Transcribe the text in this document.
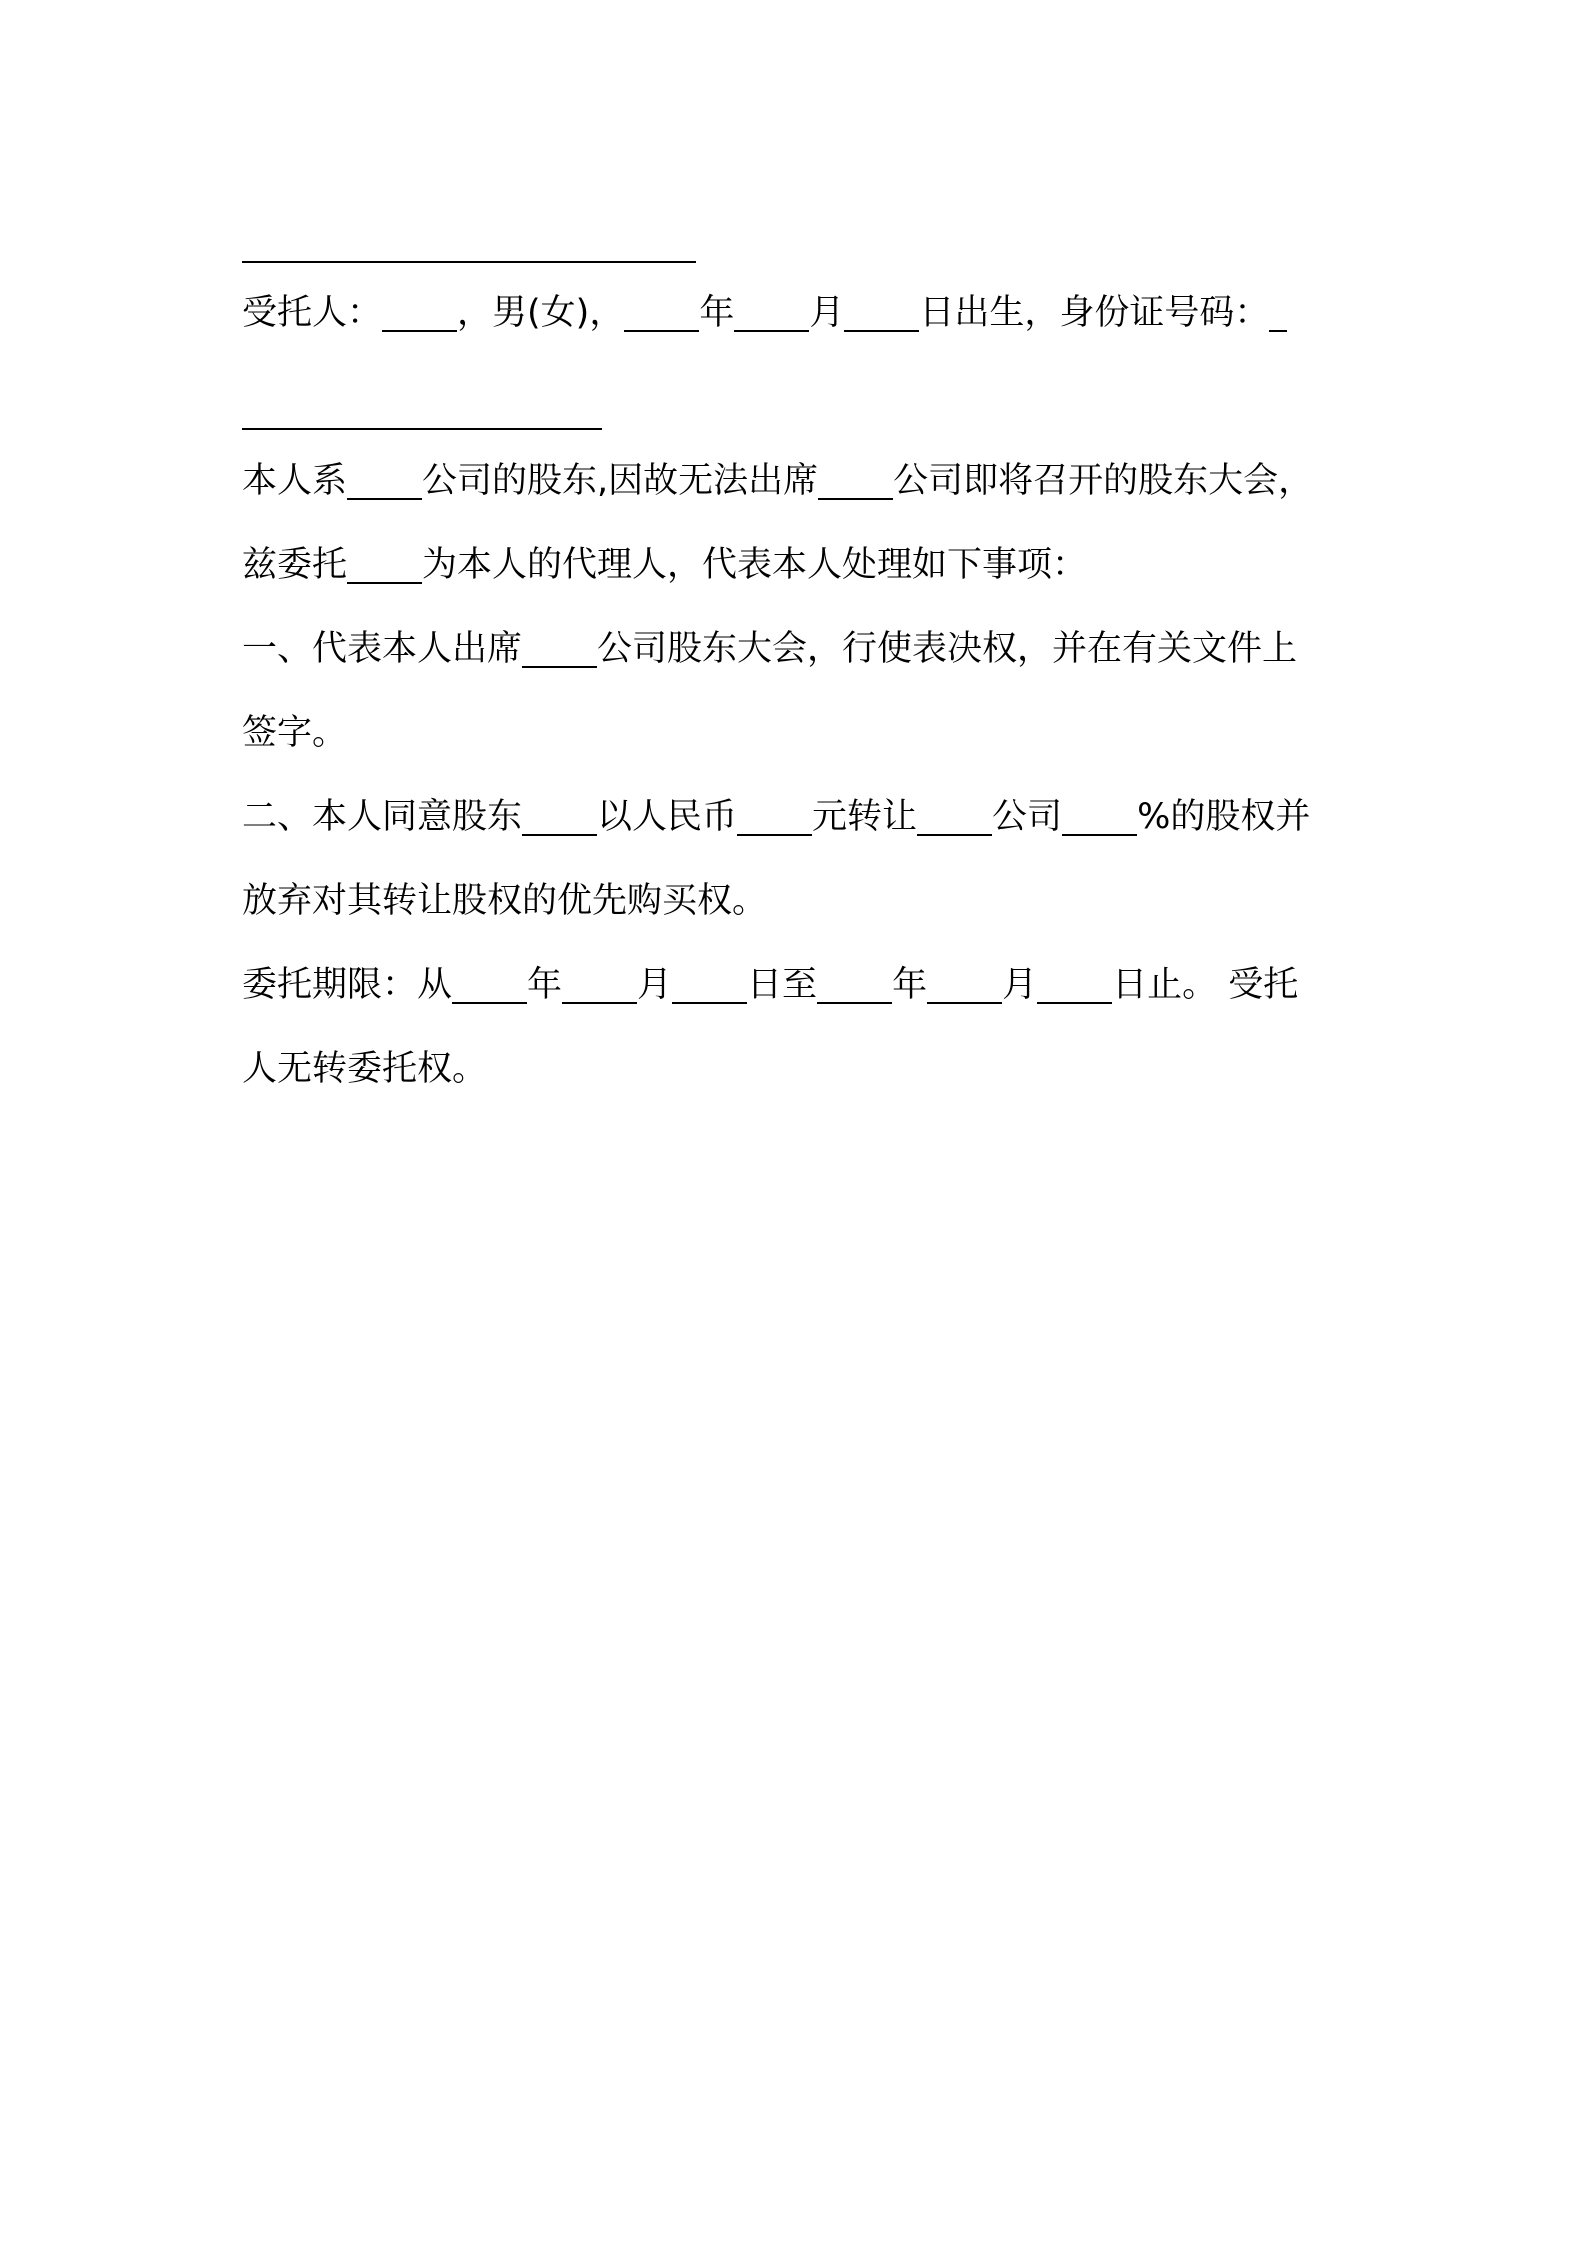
受托人： ，男(女)， 年 月 日出生，身份证号码：
本人系 公司的股东,因故无法出席 公司即将召开的股东大会，
兹委托 为本人的代理人，代表本人处理如下事项：
一、代表本人出席 公司股东大会，行使表决权，并在有关文件上
签字。
二、本人同意股东 以人民币 元转让 公司 %的股权并
放弃对其转让股权的优先购买权。
委托期限：从 年 月 日至 年 月 日止。 受托
人无转委托权。
